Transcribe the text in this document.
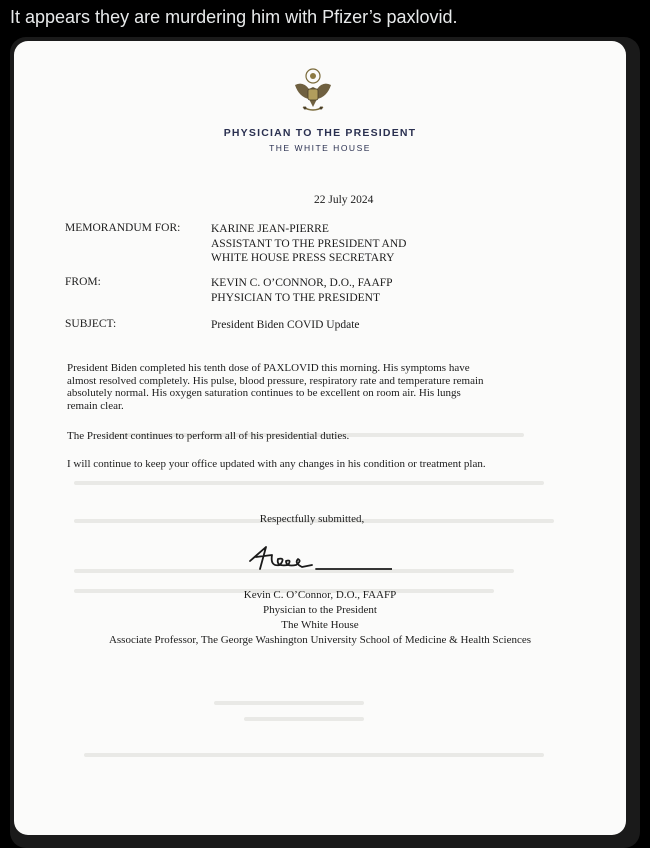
It appears they are murdering him with Pfizer’s paxlovid.
PHYSICIAN TO THE PRESIDENT
THE WHITE HOUSE
22 July 2024
MEMORANDUM FOR:	KARINE JEAN-PIERRE
ASSISTANT TO THE PRESIDENT AND
WHITE HOUSE PRESS SECRETARY
FROM:	KEVIN C. O’CONNOR, D.O., FAAFP
PHYSICIAN TO THE PRESIDENT
SUBJECT:	President Biden COVID Update
President Biden completed his tenth dose of PAXLOVID this morning. His symptoms have
almost resolved completely. His pulse, blood pressure, respiratory rate and temperature remain
absolutely normal. His oxygen saturation continues to be excellent on room air. His lungs
remain clear.
The President continues to perform all of his presidential duties.
I will continue to keep your office updated with any changes in his condition or treatment plan.
Respectfully submitted,
Kevin C. O’Connor, D.O., FAAFP
Physician to the President
The White House
Associate Professor, The George Washington University School of Medicine & Health Sciences
